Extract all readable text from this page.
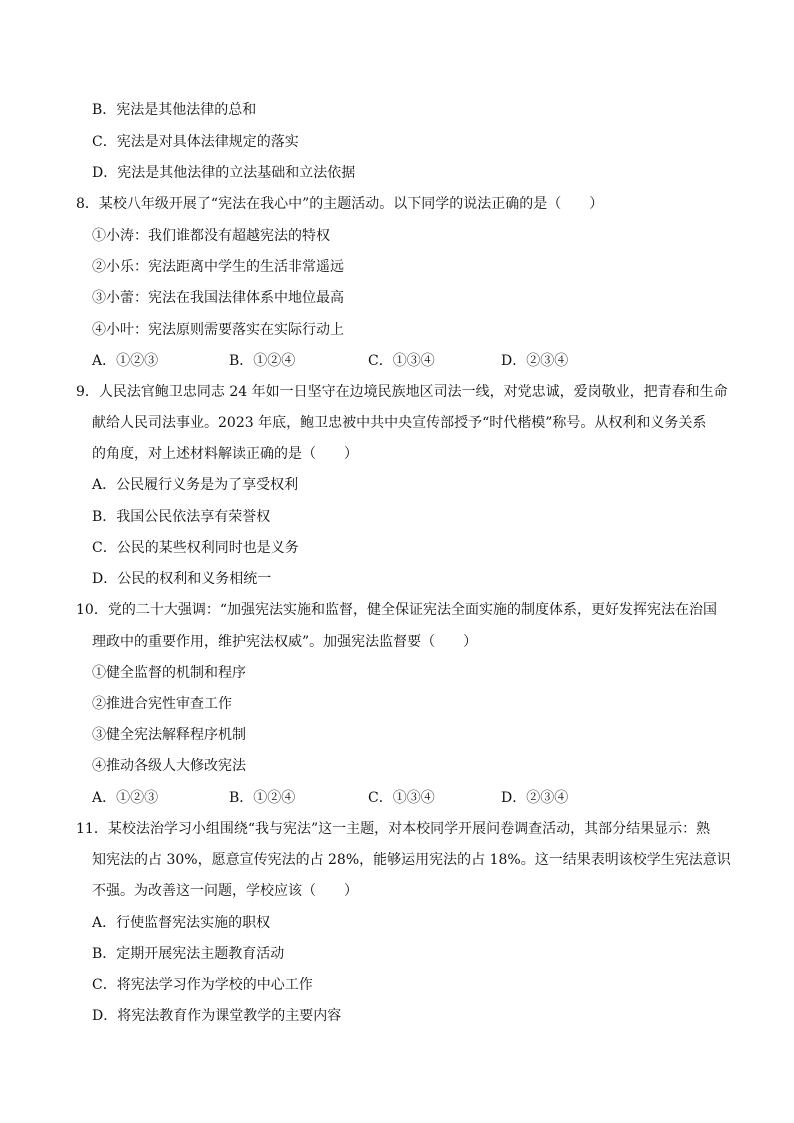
B．宪法是其他法律的总和
C．宪法是对具体法律规定的落实
D．宪法是其他法律的立法基础和立法依据
8．某校八年级开展了“宪法在我心中”的主题活动。以下同学的说法正确的是（　　）
①小涛：我们谁都没有超越宪法的特权
②小乐：宪法距离中学生的生活非常遥远
③小蕾：宪法在我国法律体系中地位最高
④小叶：宪法原则需要落实在实际行动上
A．①②③	B．①②④	C．①③④	D．②③④
9．人民法官鲍卫忠同志 24 年如一日坚守在边境民族地区司法一线，对党忠诚，爱岗敬业，把青春和生命
献给人民司法事业。2023 年底，鲍卫忠被中共中央宣传部授予“时代楷模”称号。从权利和义务关系
的角度，对上述材料解读正确的是（　　）
A．公民履行义务是为了享受权利
B．我国公民依法享有荣誉权
C．公民的某些权利同时也是义务
D．公民的权利和义务相统一
10．党的二十大强调：“加强宪法实施和监督，健全保证宪法全面实施的制度体系，更好发挥宪法在治国
理政中的重要作用，维护宪法权威”。加强宪法监督要（　　）
①健全监督的机制和程序
②推进合宪性审查工作
③健全宪法解释程序机制
④推动各级人大修改宪法
A．①②③	B．①②④	C．①③④	D．②③④
11．某校法治学习小组围绕“我与宪法”这一主题，对本校同学开展问卷调查活动，其部分结果显示：熟
知宪法的占 30%，愿意宣传宪法的占 28%，能够运用宪法的占 18%。这一结果表明该校学生宪法意识
不强。为改善这一问题，学校应该（　　）
A．行使监督宪法实施的职权
B．定期开展宪法主题教育活动
C．将宪法学习作为学校的中心工作
D．将宪法教育作为课堂教学的主要内容
